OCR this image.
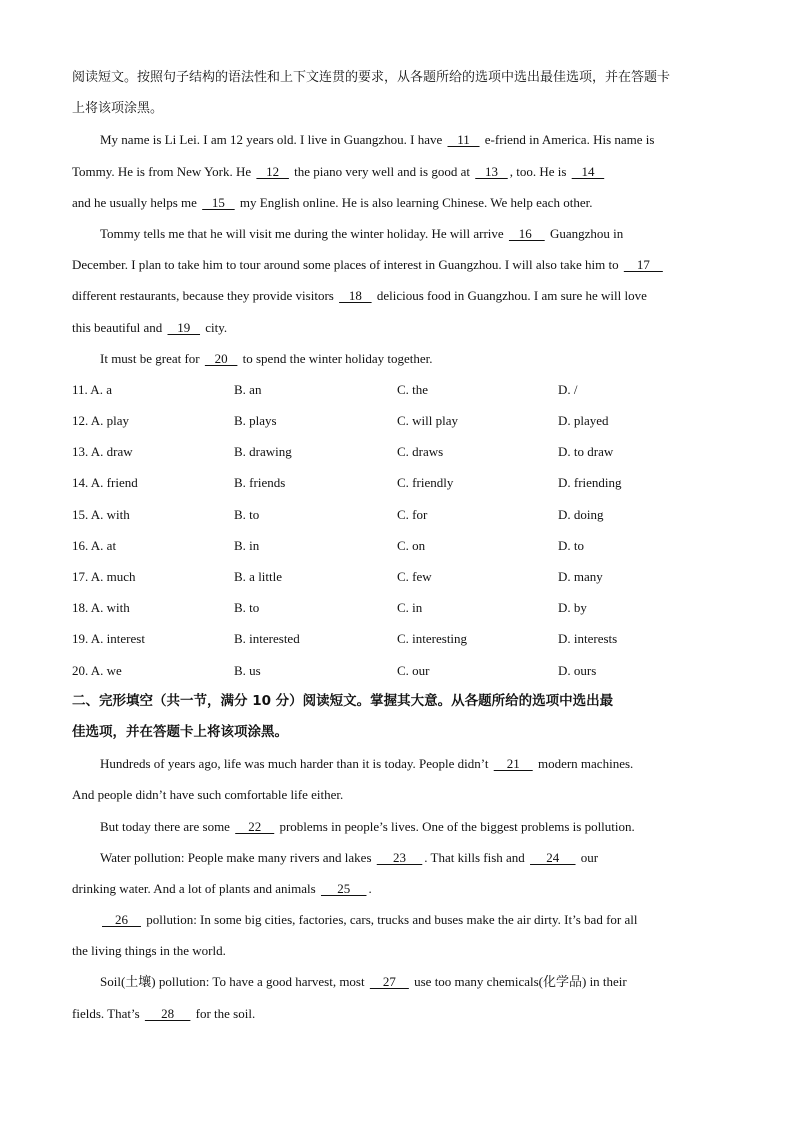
阅读短文。按照句子结构的语法性和上下文连贯的要求，从各题所给的选项中选出最佳选项，并在答题卡
上将该项涂黑。
My name is Li Lei. I am 12 years old. I live in Guangzhou. I have    11    e-friend in America. His name is
Tommy. He is from New York. He    12    the piano very well and is good at    13   , too. He is    14
and he usually helps me    15    my English online. He is also learning Chinese. We help each other.
Tommy tells me that he will visit me during the winter holiday. He will arrive    16     Guangzhou in
December. I plan to take him to tour around some places of interest in Guangzhou. I will also take him to     17
different restaurants, because they provide visitors    18    delicious food in Guangzhou. I am sure he will love
this beautiful and    19    city.
It must be great for    20    to spend the winter holiday together.
11. A. a	B. an	C. the	D. /
12. A. play	B. plays	C. will play	D. played
13. A. draw	B. drawing	C. draws	D. to draw
14. A. friend	B. friends	C. friendly	D. friending
15. A. with	B. to	C. for	D. doing
16. A. at	B. in	C. on	D. to
17. A. much	B. a little	C. few	D. many
18. A. with	B. to	C. in	D. by
19. A. interest	B. interested	C. interesting	D. interests
20. A. we	B. us	C. our	D. ours
二、完形填空（共一节，满分 10 分）阅读短文。掌握其大意。从各题所给的选项中选出最
佳选项，并在答题卡上将该项涂黑。
Hundreds of years ago, life was much harder than it is today. People didn’t     21     modern machines.
And people didn’t have such comfortable life either.
But today there are some     22     problems in people’s lives. One of the biggest problems is pollution.
Water pollution: People make many rivers and lakes      23     . That kills fish and      24      our
drinking water. And a lot of plants and animals      25     .
26     pollution: In some big cities, factories, cars, trucks and buses make the air dirty. It’s bad for all
the living things in the world.
Soil(土壤) pollution: To have a good harvest, most     27     use too many chemicals(化学品) in their
fields. That’s      28      for the soil.
